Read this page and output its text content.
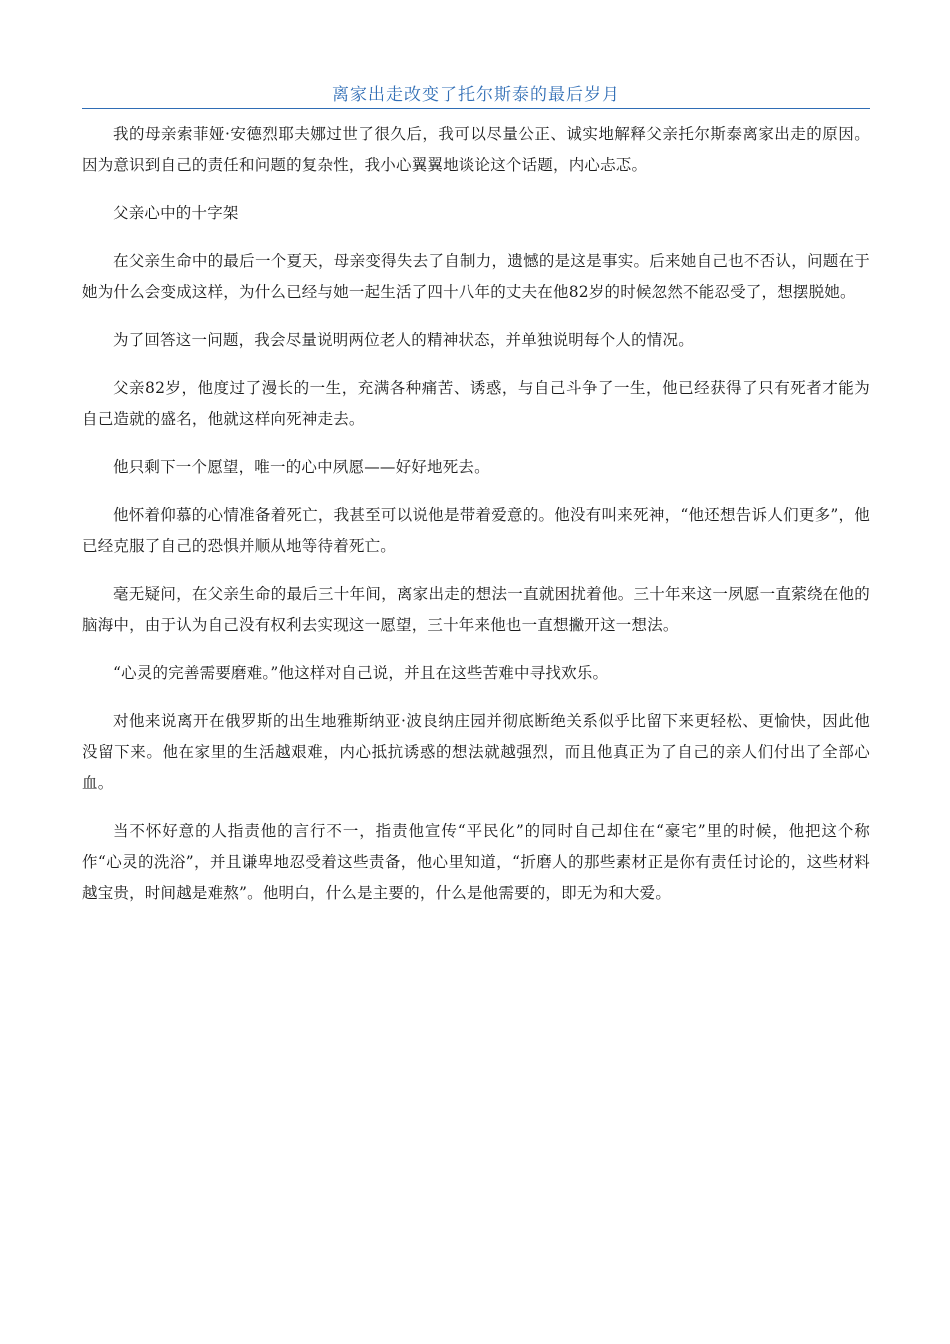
离家出走改变了托尔斯泰的最后岁月

我的母亲索菲娅·安德烈耶夫娜过世了很久后，我可以尽量公正、诚实地解释父亲托尔斯泰离家出走的原因。因为意识到自己的责任和问题的复杂性，我小心翼翼地谈论这个话题，内心忐忑。

父亲心中的十字架

在父亲生命中的最后一个夏天，母亲变得失去了自制力，遗憾的是这是事实。后来她自己也不否认，问题在于她为什么会变成这样，为什么已经与她一起生活了四十八年的丈夫在他82岁的时候忽然不能忍受了，想摆脱她。

为了回答这一问题，我会尽量说明两位老人的精神状态，并单独说明每个人的情况。

父亲82岁，他度过了漫长的一生，充满各种痛苦、诱惑，与自己斗争了一生，他已经获得了只有死者才能为自己造就的盛名，他就这样向死神走去。

他只剩下一个愿望，唯一的心中夙愿——好好地死去。

他怀着仰慕的心情准备着死亡，我甚至可以说他是带着爱意的。他没有叫来死神，“他还想告诉人们更多”，他已经克服了自己的恐惧并顺从地等待着死亡。

毫无疑问，在父亲生命的最后三十年间，离家出走的想法一直就困扰着他。三十年来这一夙愿一直萦绕在他的脑海中，由于认为自己没有权利去实现这一愿望，三十年来他也一直想撇开这一想法。

“心灵的完善需要磨难。”他这样对自己说，并且在这些苦难中寻找欢乐。

对他来说离开在俄罗斯的出生地雅斯纳亚·波良纳庄园并彻底断绝关系似乎比留下来更轻松、更愉快，因此他没留下来。他在家里的生活越艰难，内心抵抗诱惑的想法就越强烈，而且他真正为了自己的亲人们付出了全部心血。

当不怀好意的人指责他的言行不一，指责他宣传“平民化”的同时自己却住在“豪宅”里的时候，他把这个称作“心灵的洗浴”，并且谦卑地忍受着这些责备，他心里知道，“折磨人的那些素材正是你有责任讨论的，这些材料越宝贵，时间越是难熬”。他明白，什么是主要的，什么是他需要的，即无为和大爱。
